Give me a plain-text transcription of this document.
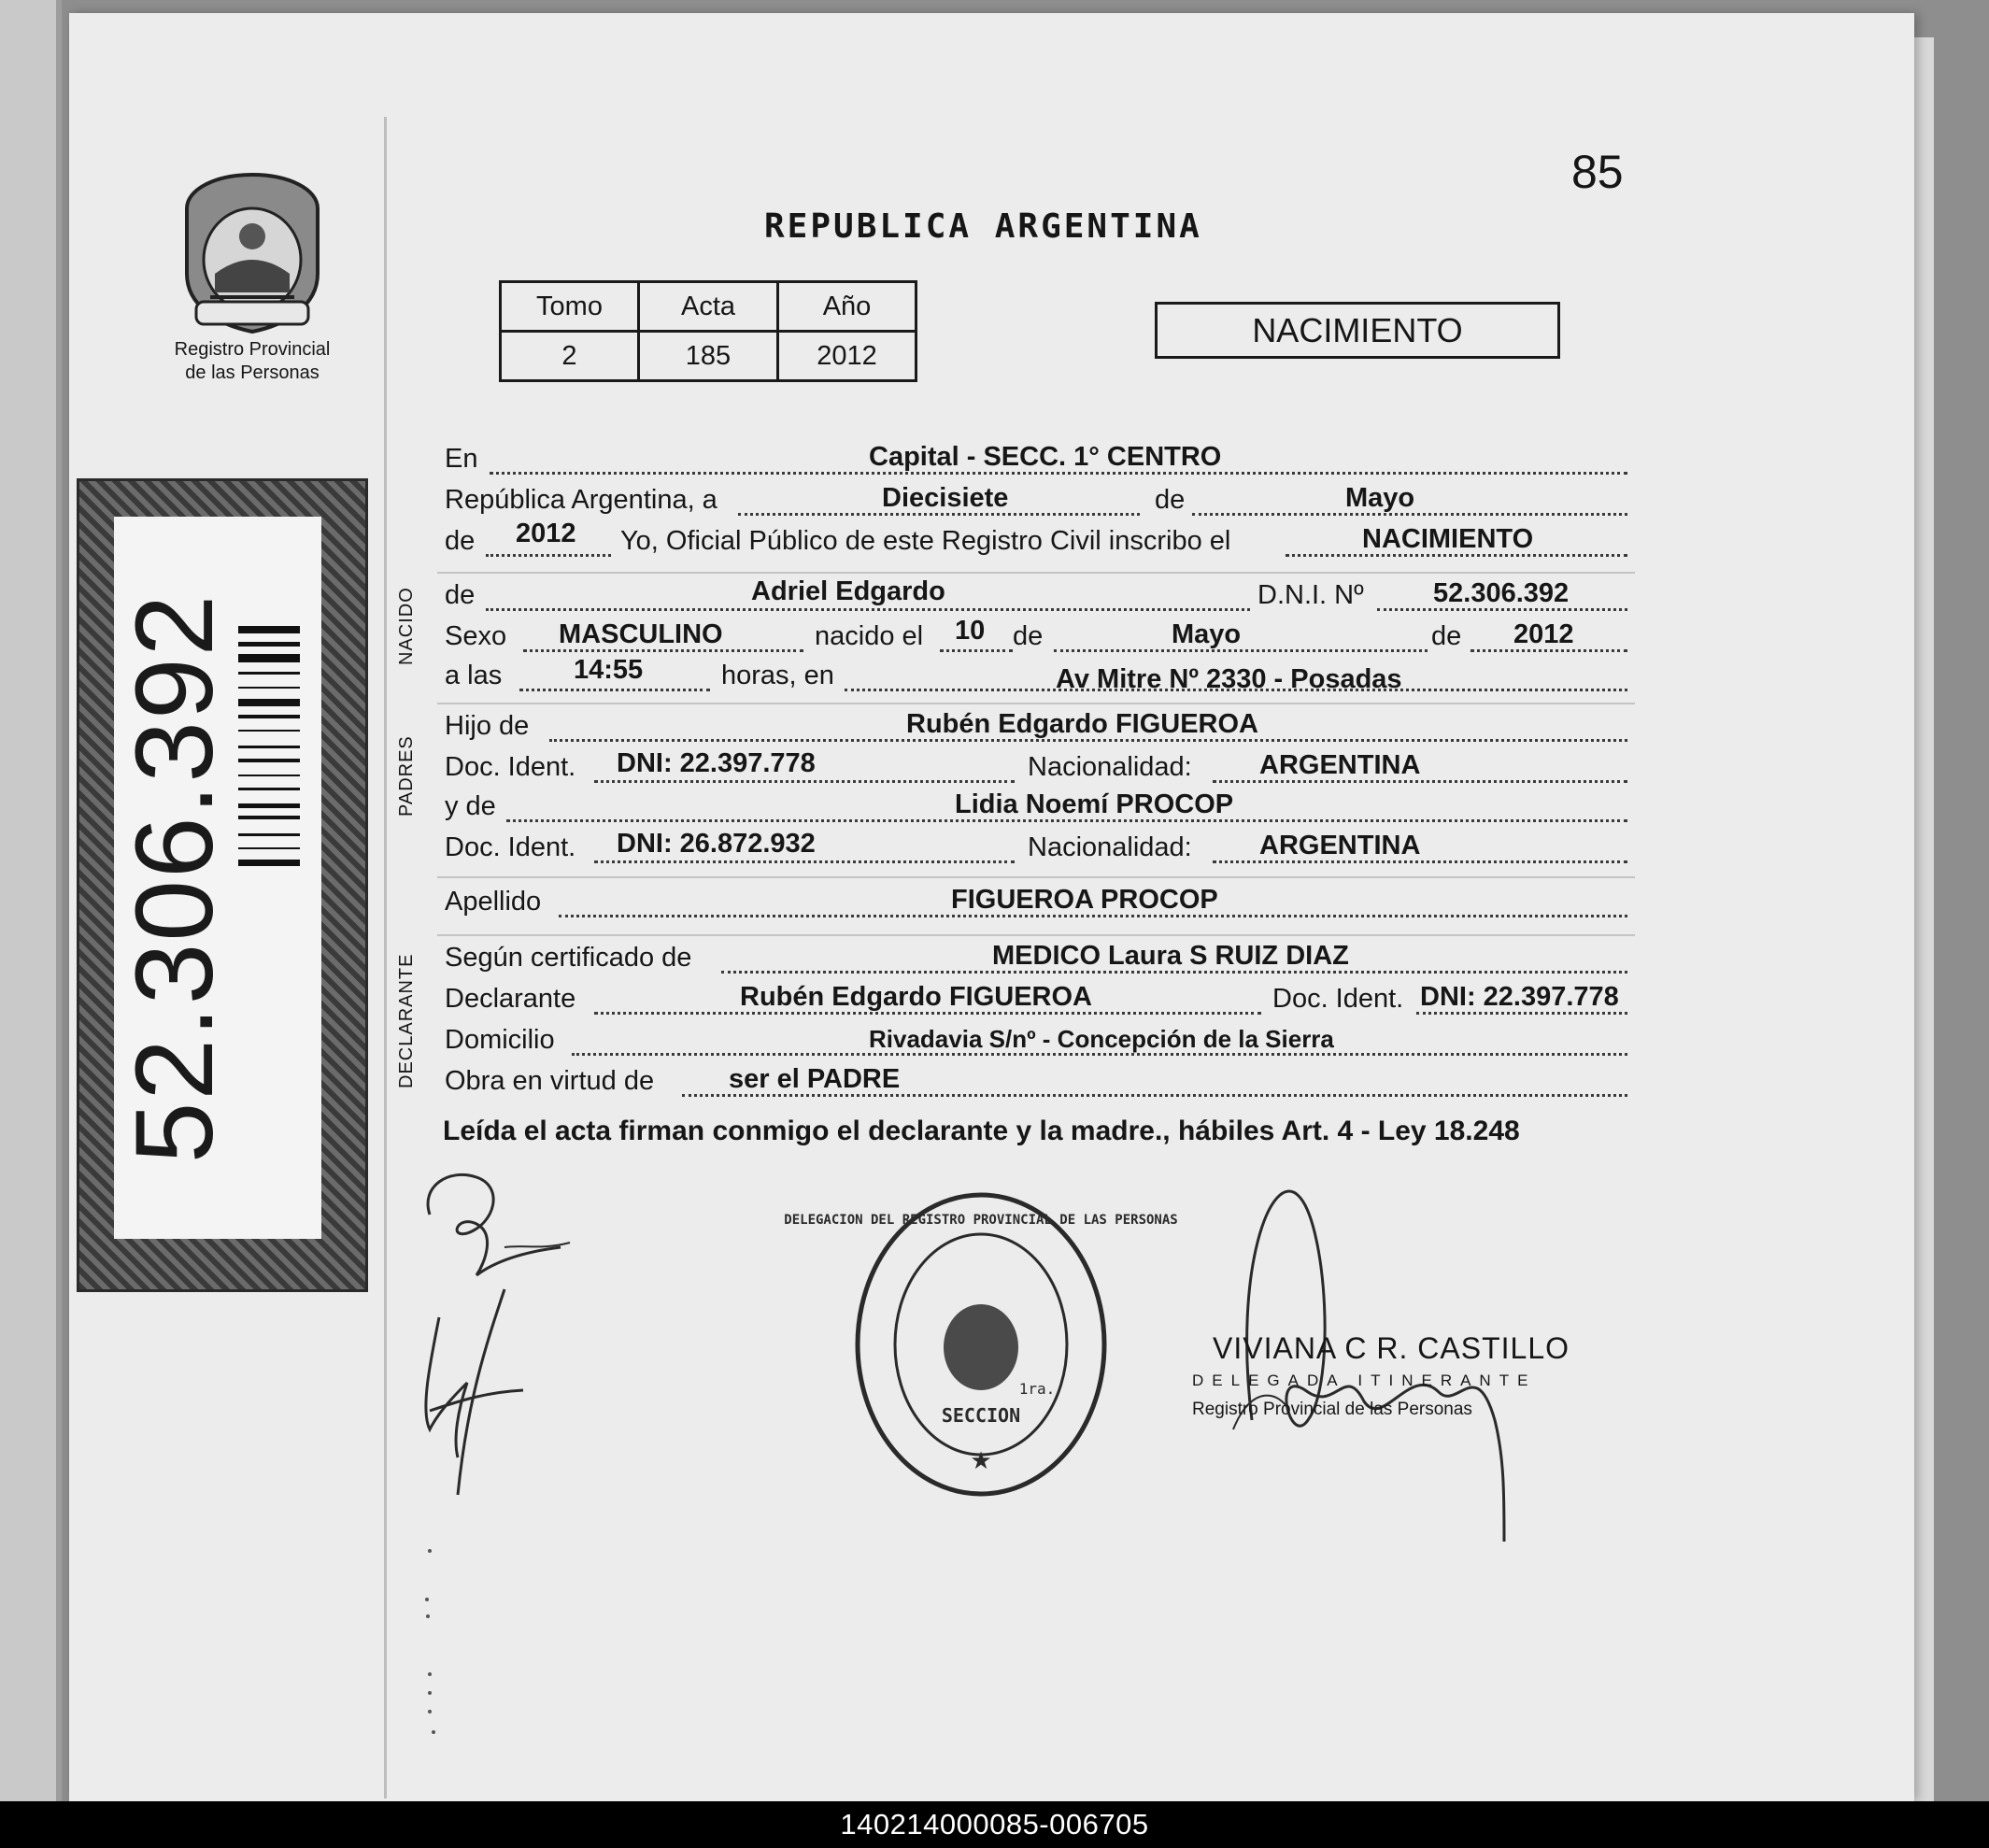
Registro Provincial
de las Personas
52.306.392
85
REPUBLICA ARGENTINA
Tomo	Acta	Año
2	185	2012
NACIMIENTO
NACIDO
PADRES
DECLARANTE
En	Capital - SECC. 1° CENTRO
República Argentina, a	Diecisiete	de	Mayo
de 2012 Yo, Oficial Público de este Registro Civil inscribo el	NACIMIENTO
de	Adriel Edgardo	D.N.I. Nº	52.306.392
Sexo MASCULINO	nacido el 10 de	Mayo	de 2012
a las	14:55	horas, en	Av Mitre Nº 2330 - Posadas
Hijo de	Rubén Edgardo FIGUEROA
Doc. Ident. DNI: 22.397.778	Nacionalidad: ARGENTINA
y de	Lidia Noemí PROCOP
Doc. Ident. DNI: 26.872.932	Nacionalidad: ARGENTINA
Apellido	FIGUEROA PROCOP
Según certificado de	MEDICO Laura S RUIZ DIAZ
Declarante	Rubén Edgardo FIGUEROA	Doc. Ident. DNI: 22.397.778
Domicilio	Rivadavia S/nº - Concepción de la Sierra
Obra en virtud de	ser el PADRE
Leída el acta firman conmigo el declarante y la madre., hábiles Art. 4 - Ley 18.248
★
DELEGACION DEL REGISTRO PROVINCIAL DE LAS PERSONAS
SECCION
1ra.
VIVIANA C R. CASTILLO
DELEGADA ITINERANTE
Registro Provincial de las Personas
140214000085-006705
